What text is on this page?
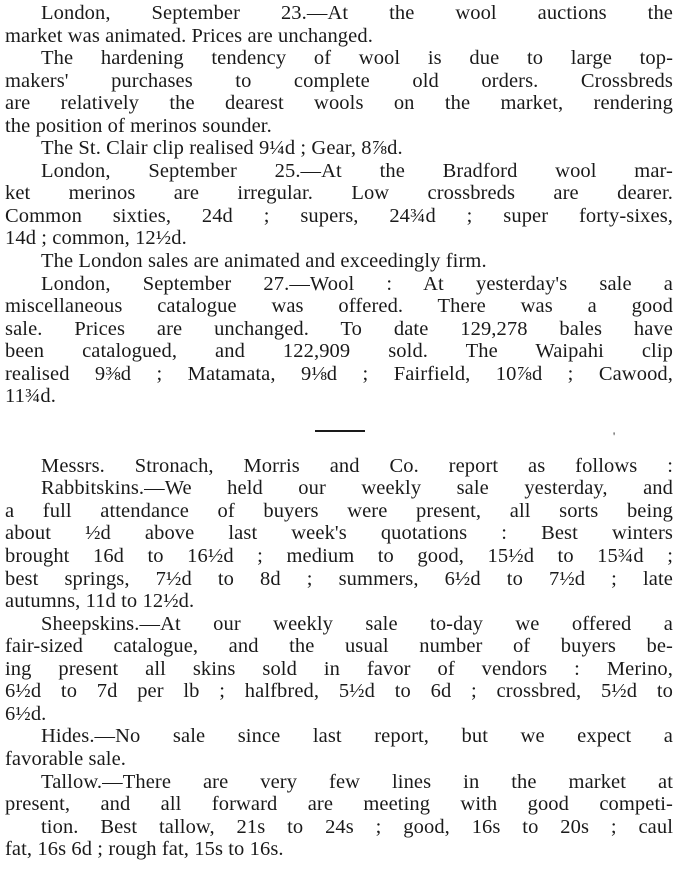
London, September 23.—At the wool auctions the
market was animated. Prices are unchanged.
The hardening tendency of wool is due to large top-
makers' purchases to complete old orders. Crossbreds
are relatively the dearest wools on the market, rendering
the position of merinos sounder.
The St. Clair clip realised 9¼d ; Gear, 8⅞d.
London, September 25.—At the Bradford wool mar-
ket merinos are irregular. Low crossbreds are dearer.
Common sixties, 24d ; supers, 24¾d ; super forty-sixes,
14d ; common, 12½d.
The London sales are animated and exceedingly firm.
London, September 27.—Wool : At yesterday's sale a
miscellaneous catalogue was offered. There was a good
sale. Prices are unchanged. To date 129,278 bales have
been catalogued, and 122,909 sold. The Waipahi clip
realised 9⅜d ; Matamata, 9⅛d ; Fairfield, 10⅞d ; Cawood,
11¾d.
'
Messrs. Stronach, Morris and Co. report as follows :
Rabbitskins.—We held our weekly sale yesterday, and
a full attendance of buyers were present, all sorts being
about ½d above last week's quotations : Best winters
brought 16d to 16½d ; medium to good, 15½d to 15¾d ;
best springs, 7½d to 8d ; summers, 6½d to 7½d ; late
autumns, 11d to 12½d.
Sheepskins.—At our weekly sale to-day we offered a
fair-sized catalogue, and the usual number of buyers be-
ing present all skins sold in favor of vendors : Merino,
6½d to 7d per lb ; halfbred, 5½d to 6d ; crossbred, 5½d to
6½d.
Hides.—No sale since last report, but we expect a
favorable sale.
Tallow.—There are very few lines in the market at
present, and all forward are meeting with good competi-
tion. Best tallow, 21s to 24s ; good, 16s to 20s ; caul
fat, 16s 6d ; rough fat, 15s to 16s.
